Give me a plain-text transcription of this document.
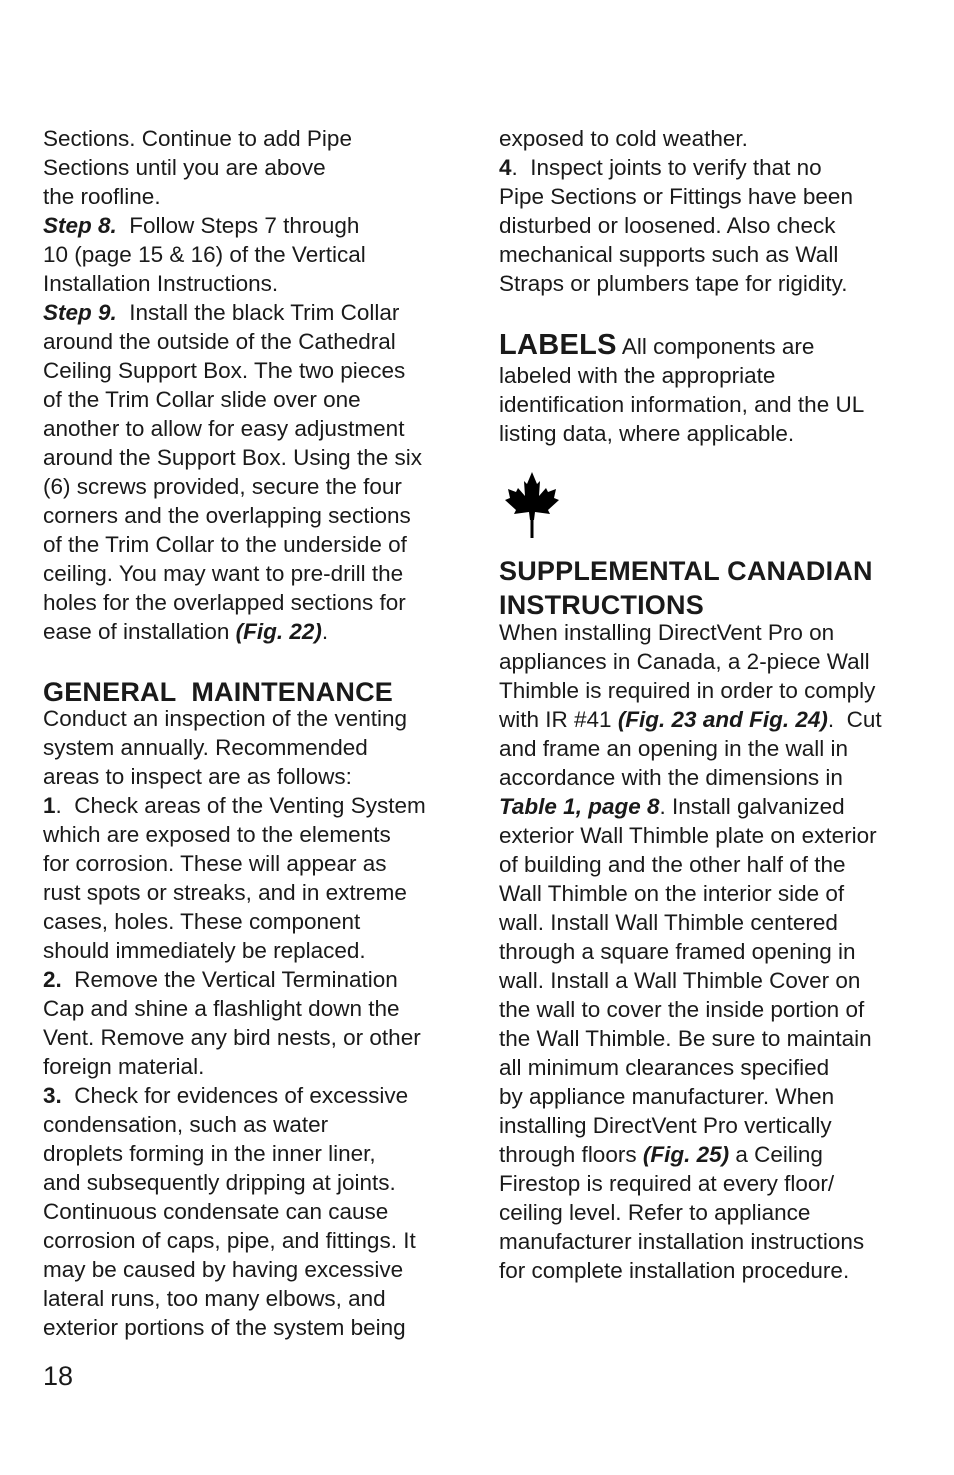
Sections. Continue to add Pipe
Sections until you are above
the roofline.
Step 8.  Follow Steps 7 through
10 (page 15 & 16) of the Vertical
Installation Instructions.
Step 9.  Install the black Trim Collar
around the outside of the Cathedral
Ceiling Support Box. The two pieces
of the Trim Collar slide over one
another to allow for easy adjustment
around the Support Box. Using the six
(6) screws provided, secure the four
corners and the overlapping sections
of the Trim Collar to the underside of
ceiling. You may want to pre-drill the
holes for the overlapped sections for
ease of installation (Fig. 22).
GENERAL  MAINTENANCE
Conduct an inspection of the venting
system annually. Recommended
areas to inspect are as follows:
1.  Check areas of the Venting System
which are exposed to the elements
for corrosion. These will appear as
rust spots or streaks, and in extreme
cases, holes. These component
should immediately be replaced.
2.  Remove the Vertical Termination
Cap and shine a flashlight down the
Vent. Remove any bird nests, or other
foreign material.
3.  Check for evidences of excessive
condensation, such as water
droplets forming in the inner liner,
and subsequently dripping at joints.
Continuous condensate can cause
corrosion of caps, pipe, and fittings. It
may be caused by having excessive
lateral runs, too many elbows, and
exterior portions of the system being
exposed to cold weather.
4.  Inspect joints to verify that no
Pipe Sections or Fittings have been
disturbed or loosened. Also check
mechanical supports such as Wall
Straps or plumbers tape for rigidity.
LABELS All components are
labeled with the appropriate
identification information, and the UL
listing data, where applicable.
SUPPLEMENTAL CANADIAN
INSTRUCTIONS
When installing DirectVent Pro on
appliances in Canada, a 2-piece Wall
Thimble is required in order to comply
with IR #41 (Fig. 23 and Fig. 24).  Cut
and frame an opening in the wall in
accordance with the dimensions in
Table 1, page 8. Install galvanized
exterior Wall Thimble plate on exterior
of building and the other half of the
Wall Thimble on the interior side of
wall. Install Wall Thimble centered
through a square framed opening in
wall. Install a Wall Thimble Cover on
the wall to cover the inside portion of
the Wall Thimble. Be sure to maintain
all minimum clearances specified
by appliance manufacturer. When
installing DirectVent Pro vertically
through floors (Fig. 25) a Ceiling
Firestop is required at every floor/
ceiling level. Refer to appliance
manufacturer installation instructions
for complete installation procedure.
18
